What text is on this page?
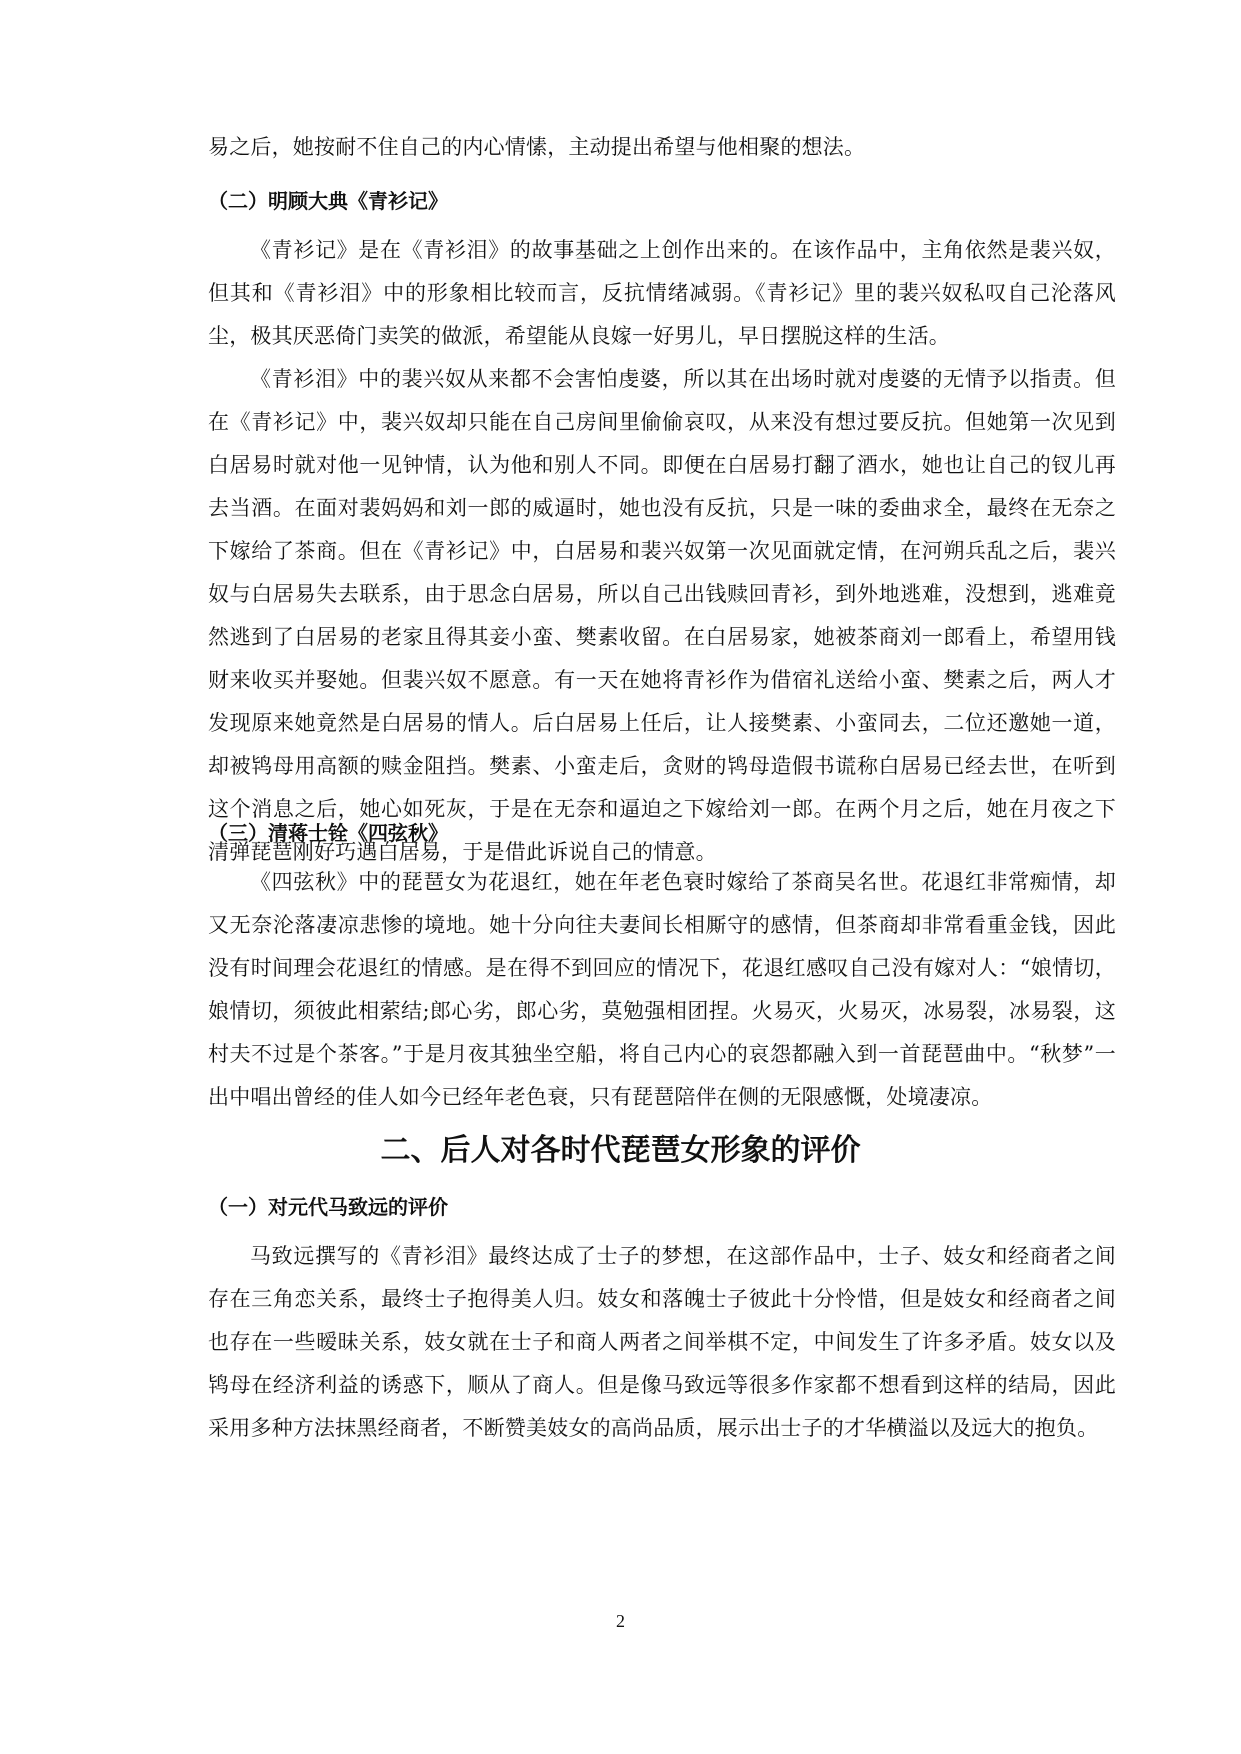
易之后，她按耐不住自己的内心情愫，主动提出希望与他相聚的想法。

（二）明顾大典《青衫记》

《青衫记》是在《青衫泪》的故事基础之上创作出来的。在该作品中，主角依然是裴兴奴，但其和《青衫泪》中的形象相比较而言，反抗情绪减弱。《青衫记》里的裴兴奴私叹自己沦落风尘，极其厌恶倚门卖笑的做派，希望能从良嫁一好男儿，早日摆脱这样的生活。

《青衫泪》中的裴兴奴从来都不会害怕虔婆，所以其在出场时就对虔婆的无情予以指责。但在《青衫记》中，裴兴奴却只能在自己房间里偷偷哀叹，从来没有想过要反抗。但她第一次见到白居易时就对他一见钟情，认为他和别人不同。即便在白居易打翻了酒水，她也让自己的钗儿再去当酒。在面对裴妈妈和刘一郎的威逼时，她也没有反抗，只是一味的委曲求全，最终在无奈之下嫁给了茶商。但在《青衫记》中，白居易和裴兴奴第一次见面就定情，在河朔兵乱之后，裴兴奴与白居易失去联系，由于思念白居易，所以自己出钱赎回青衫，到外地逃难，没想到，逃难竟然逃到了白居易的老家且得其妾小蛮、樊素收留。在白居易家，她被茶商刘一郎看上，希望用钱财来收买并娶她。但裴兴奴不愿意。有一天在她将青衫作为借宿礼送给小蛮、樊素之后，两人才发现原来她竟然是白居易的情人。后白居易上任后，让人接樊素、小蛮同去，二位还邀她一道，却被鸨母用高额的赎金阻挡。樊素、小蛮走后，贪财的鸨母造假书谎称白居易已经去世，在听到这个消息之后，她心如死灰，于是在无奈和逼迫之下嫁给刘一郎。在两个月之后，她在月夜之下清弹琵琶刚好巧遇白居易，于是借此诉说自己的情意。

（三）清蒋士铨《四弦秋》

《四弦秋》中的琵琶女为花退红，她在年老色衰时嫁给了茶商吴名世。花退红非常痴情，却又无奈沦落凄凉悲惨的境地。她十分向往夫妻间长相厮守的感情，但茶商却非常看重金钱，因此没有时间理会花退红的情感。是在得不到回应的情况下，花退红感叹自己没有嫁对人：“娘情切，娘情切，须彼此相萦结;郎心劣，郎心劣，莫勉强相团捏。火易灭，火易灭，冰易裂，冰易裂，这村夫不过是个茶客。”于是月夜其独坐空船，将自己内心的哀怨都融入到一首琵琶曲中。“秋梦”一出中唱出曾经的佳人如今已经年老色衰，只有琵琶陪伴在侧的无限感慨，处境凄凉。

二、后人对各时代琵琶女形象的评价
（一）对元代马致远的评价

马致远撰写的《青衫泪》最终达成了士子的梦想，在这部作品中，士子、妓女和经商者之间存在三角恋关系，最终士子抱得美人归。妓女和落魄士子彼此十分怜惜，但是妓女和经商者之间也存在一些暧昧关系，妓女就在士子和商人两者之间举棋不定，中间发生了许多矛盾。妓女以及鸨母在经济利益的诱惑下，顺从了商人。但是像马致远等很多作家都不想看到这样的结局，因此采用多种方法抹黑经商者，不断赞美妓女的高尚品质，展示出士子的才华横溢以及远大的抱负。

2
